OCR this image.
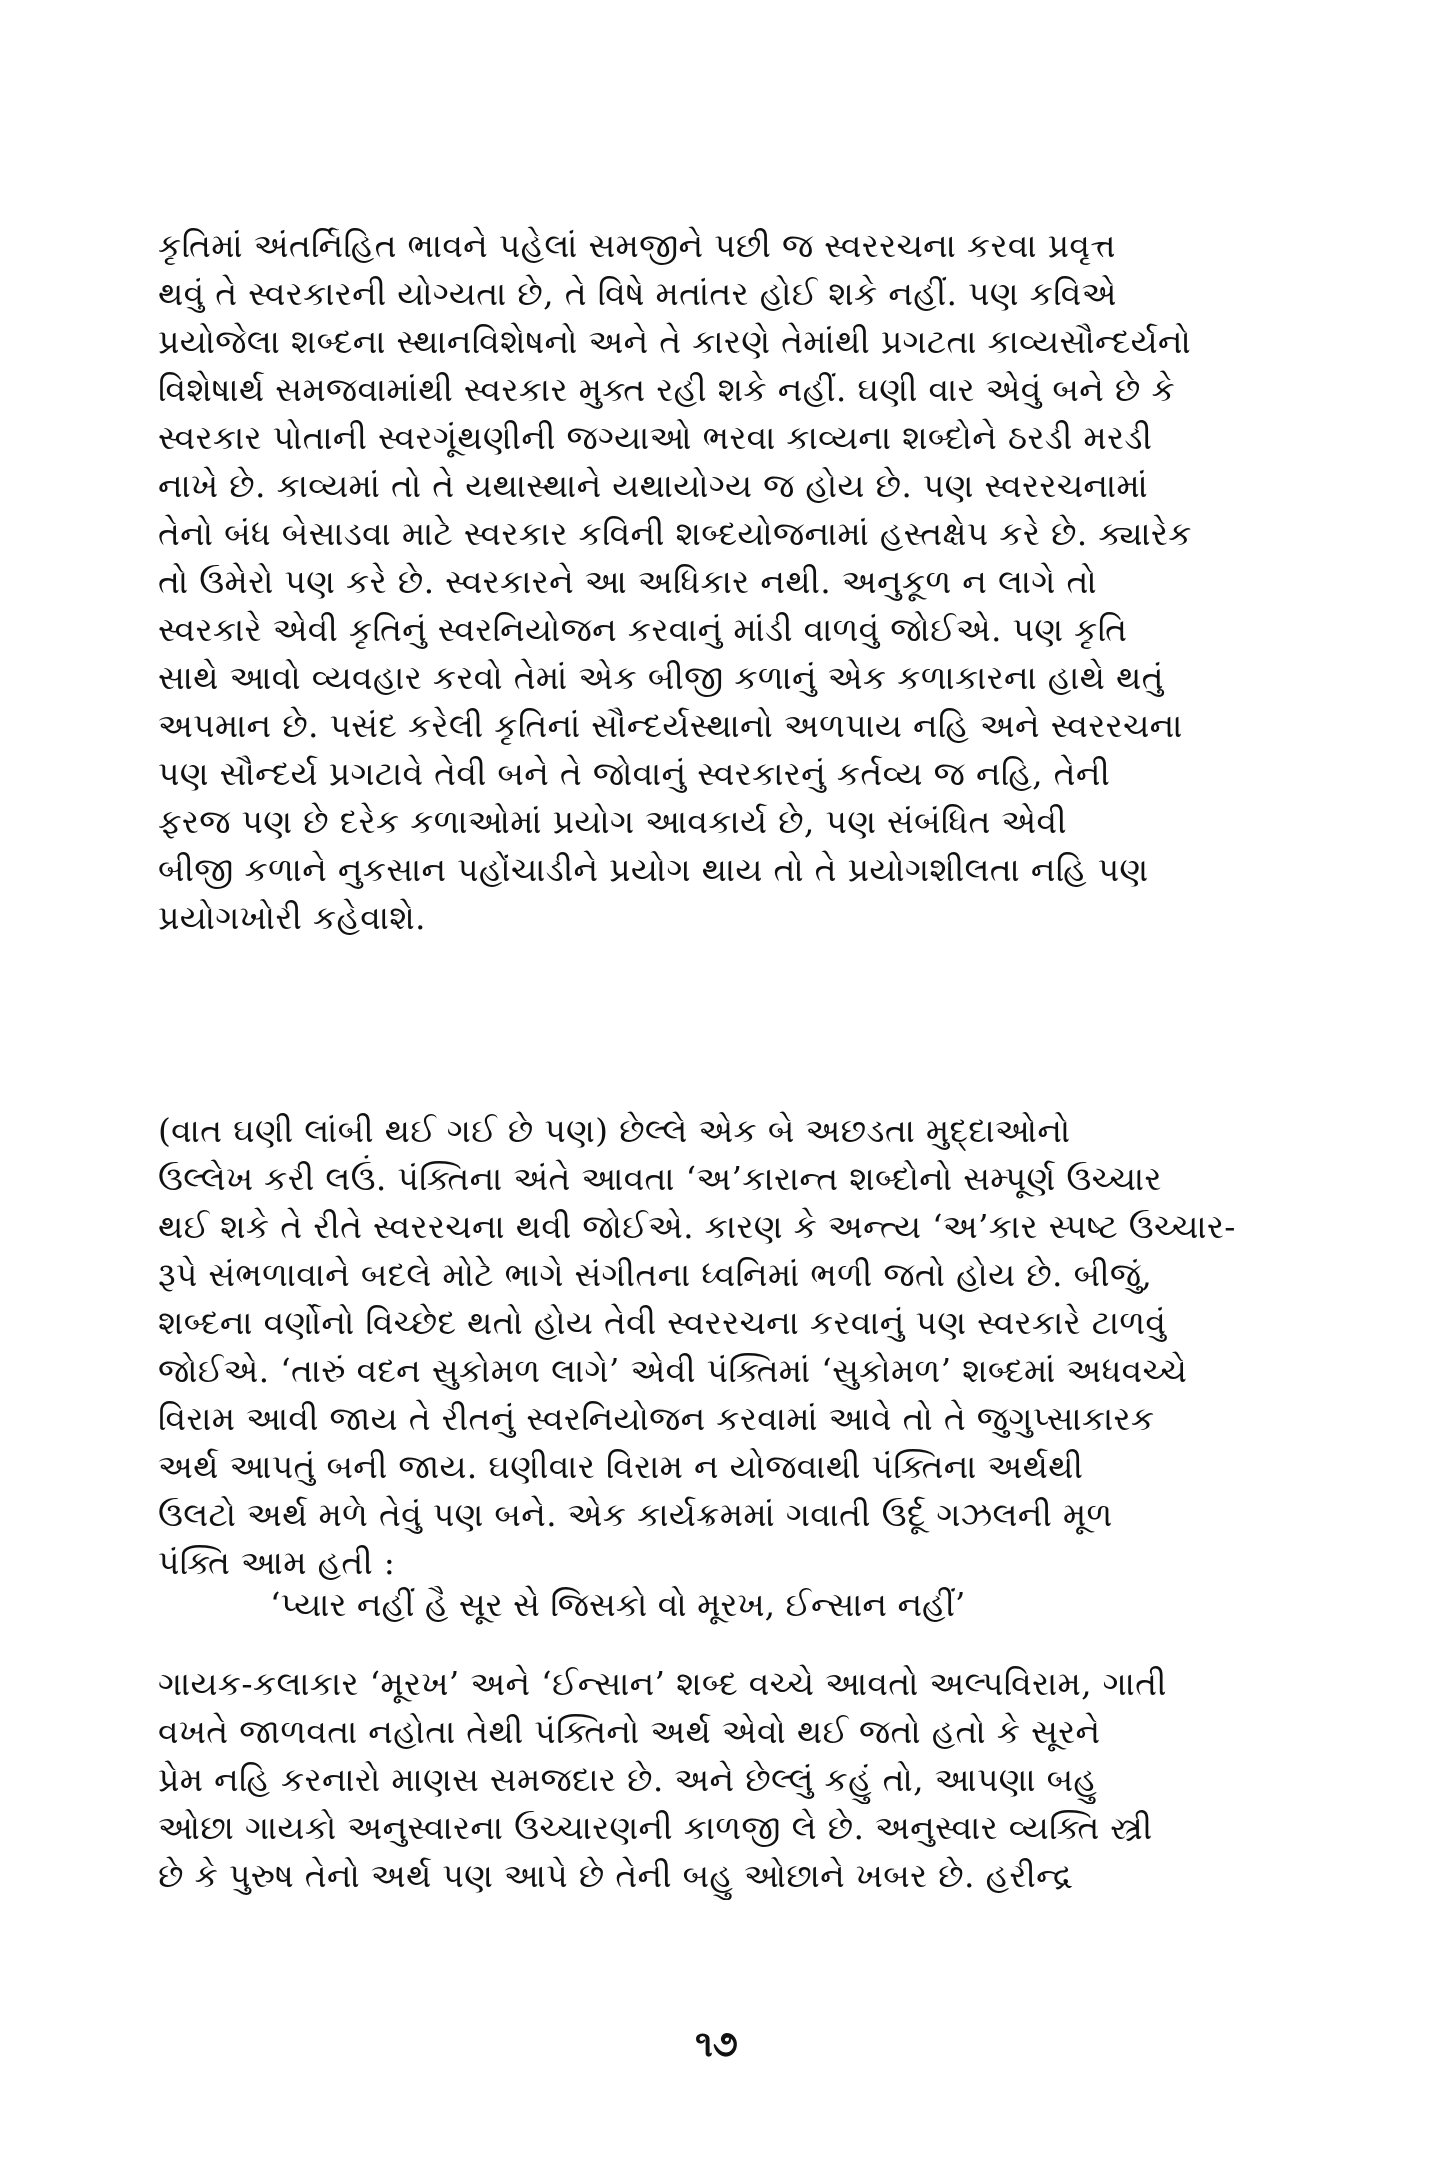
કૃતિમાં અંતર્નિહિત ભાવને પહેલાં સમજીને પછી જ સ્વરરચના કરવા પ્રવૃત્ત
થવું તે સ્વરકારની યોગ્યતા છે, તે વિષે મતાંતર હોઈ શકે નહીં. પણ કવિએ
પ્રયોજેલા શબ્દના સ્થાનવિશેષનો અને તે કારણે તેમાંથી પ્રગટતા કાવ્યસૌન્દર્યનો
વિશેષાર્થ સમજવામાંથી સ્વરકાર મુક્ત રહી શકે નહીં. ઘણી વાર એવું બને છે કે
સ્વરકાર પોતાની સ્વરગૂંથણીની જગ્યાઓ ભરવા કાવ્યના શબ્દોને ઠરડી મરડી
નાખે છે. કાવ્યમાં તો તે યથાસ્થાને યથાયોગ્ય જ હોય છે. પણ સ્વરરચનામાં
તેનો બંધ બેસાડવા માટે સ્વરકાર કવિની શબ્દયોજનામાં હસ્તક્ષેપ કરે છે. ક્યારેક
તો ઉમેરો પણ કરે છે. સ્વરકારને આ અધિકાર નથી. અનુકૂળ ન લાગે તો
સ્વરકારે એવી કૃતિનું સ્વરનિયોજન કરવાનું માંડી વાળવું જોઈએ. પણ કૃતિ
સાથે આવો વ્યવહાર કરવો તેમાં એક બીજી કળાનું એક કળાકારના હાથે થતું
અપમાન છે. પસંદ કરેલી કૃતિનાં સૌન્દર્યસ્થાનો અળપાય નહિ અને સ્વરરચના
પણ સૌન્દર્ય પ્રગટાવે તેવી બને તે જોવાનું સ્વરકારનું કર્તવ્ય જ નહિ, તેની
ફરજ પણ છે દરેક કળાઓમાં પ્રયોગ આવકાર્ય છે, પણ સંબંધિત એવી
બીજી કળાને નુકસાન પહોંચાડીને પ્રયોગ થાય તો તે પ્રયોગશીલતા નહિ પણ
પ્રયોગખોરી કહેવાશે.
(વાત ઘણી લાંબી થઈ ગઈ છે પણ) છેલ્લે એક બે અછડતા મુદ્દાઓનો
ઉલ્લેખ કરી લઉં. પંક્તિના અંતે આવતા ‘અ’કારાન્ત શબ્દોનો સમ્પૂર્ણ ઉચ્ચાર
થઈ શકે તે રીતે સ્વરરચના થવી જોઈએ. કારણ કે અન્ત્ય ‘અ’કાર સ્પષ્ટ ઉચ્ચાર-
રૂપે સંભળાવાને બદલે મોટે ભાગે સંગીતના ધ્વનિમાં ભળી જતો હોય છે. બીજું,
શબ્દના વર્ણોનો વિચ્છેદ થતો હોય તેવી સ્વરરચના કરવાનું પણ સ્વરકારે ટાળવું
જોઈએ. ‘તારું વદન સુકોમળ લાગે’ એવી પંક્તિમાં ‘સુકોમળ’ શબ્દમાં અધવચ્ચે
વિરામ આવી જાય તે રીતનું સ્વરનિયોજન કરવામાં આવે તો તે જુગુપ્સાકારક
અર્થ આપતું બની જાય. ઘણીવાર વિરામ ન યોજવાથી પંક્તિના અર્થથી
ઉલટો અર્થ મળે તેવું પણ બને. એક કાર્યક્રમમાં ગવાતી ઉર્દૂ ગઝલની મૂળ
પંક્તિ આમ હતી :
‘પ્યાર નહીં હૈ સૂર સે જિસકો વો મૂરખ, ઈન્સાન નહીં’
ગાયક-કલાકાર ‘મૂરખ’ અને ‘ઈન્સાન’ શબ્દ વચ્ચે આવતો અલ્પવિરામ, ગાતી
વખતે જાળવતા નહોતા તેથી પંક્તિનો અર્થ એવો થઈ જતો હતો કે સૂરને
પ્રેમ નહિ કરનારો માણસ સમજદાર છે. અને છેલ્લું કહું તો, આપણા બહુ
ઓછા ગાયકો અનુસ્વારના ઉચ્ચારણની કાળજી લે છે. અનુસ્વાર વ્યક્તિ સ્ત્રી
છે કે પુરુષ તેનો અર્થ પણ આપે છે તેની બહુ ઓછાને ખબર છે. હરીન્દ્ર
૧૭
